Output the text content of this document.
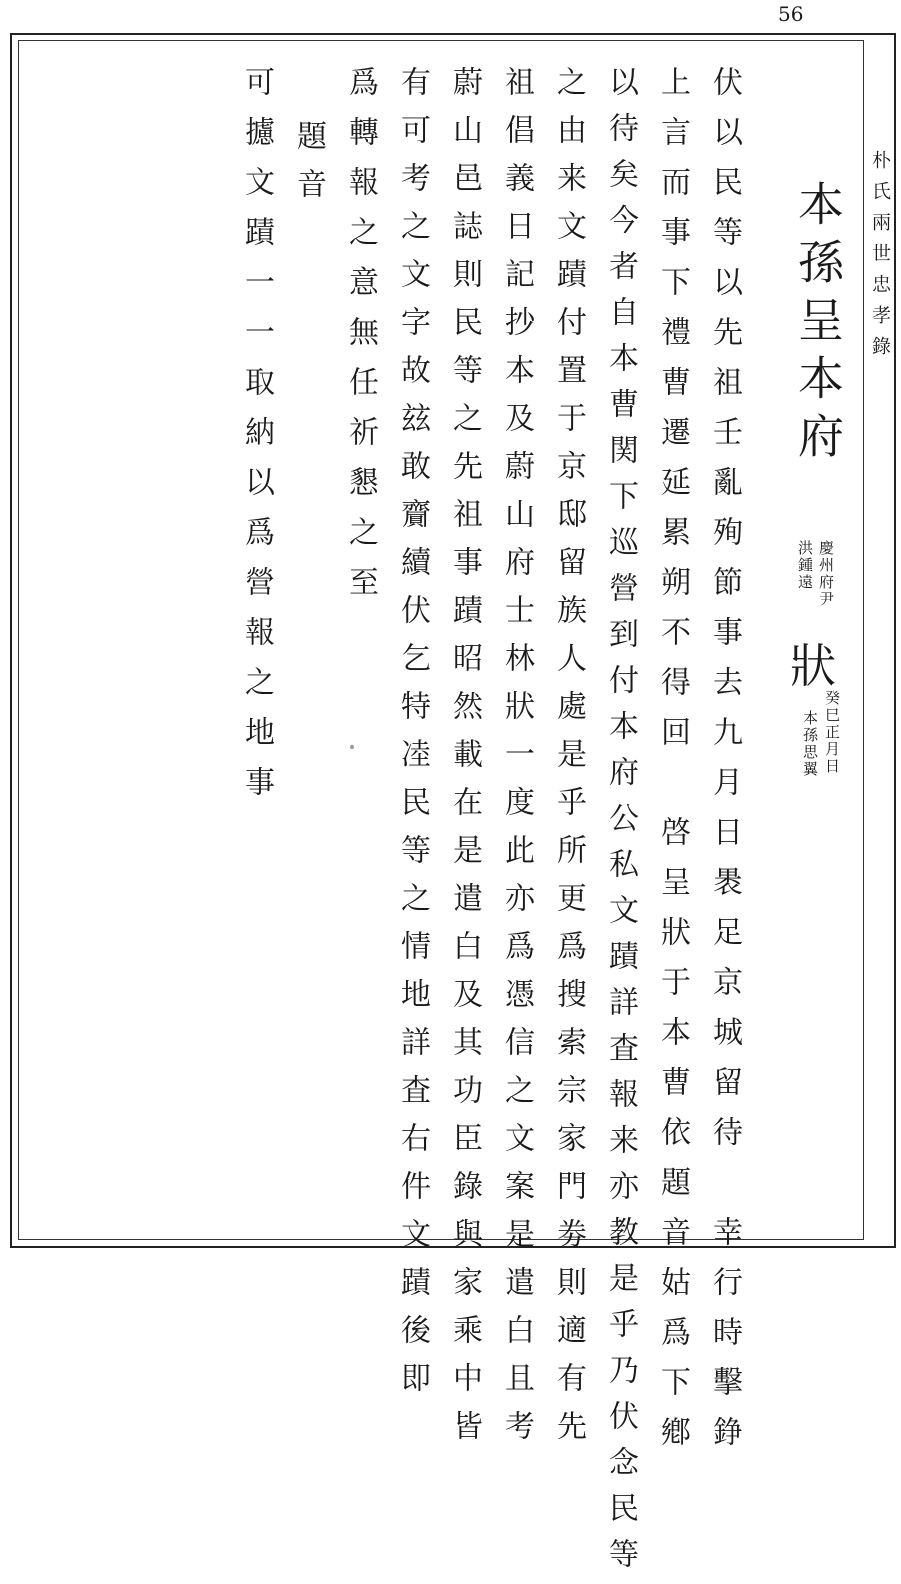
56
朴氏兩世忠孝錄
本孫呈本府
慶州府尹
洪鍾遠
狀
癸巳正月日
本孫思翼
伏以民等以先祖壬亂殉節事去九月日褁足京城留待　幸行時擊錚
上言而事下禮曹遷延累朔不得回　啓呈狀于本曹依題音姑爲下鄕
以待矣今者自本曹関下巡營到付本府公私文蹟詳査報来亦教是乎乃伏念民等
之由来文蹟付置于京邸留族人處是乎所更爲搜索宗家門劵則適有先
祖倡義日記抄本及蔚山府士林狀一度此亦爲憑信之文案是遣白且考
蔚山邑誌則民等之先祖事蹟昭然載在是遣白及其功臣錄與家乘中皆
有可考之文字故玆敢齎續伏乞特㓐民等之情地詳査右件文蹟後即
爲轉報之意無任祈懇之至
題音
可攄文蹟一一取納以爲營報之地事
